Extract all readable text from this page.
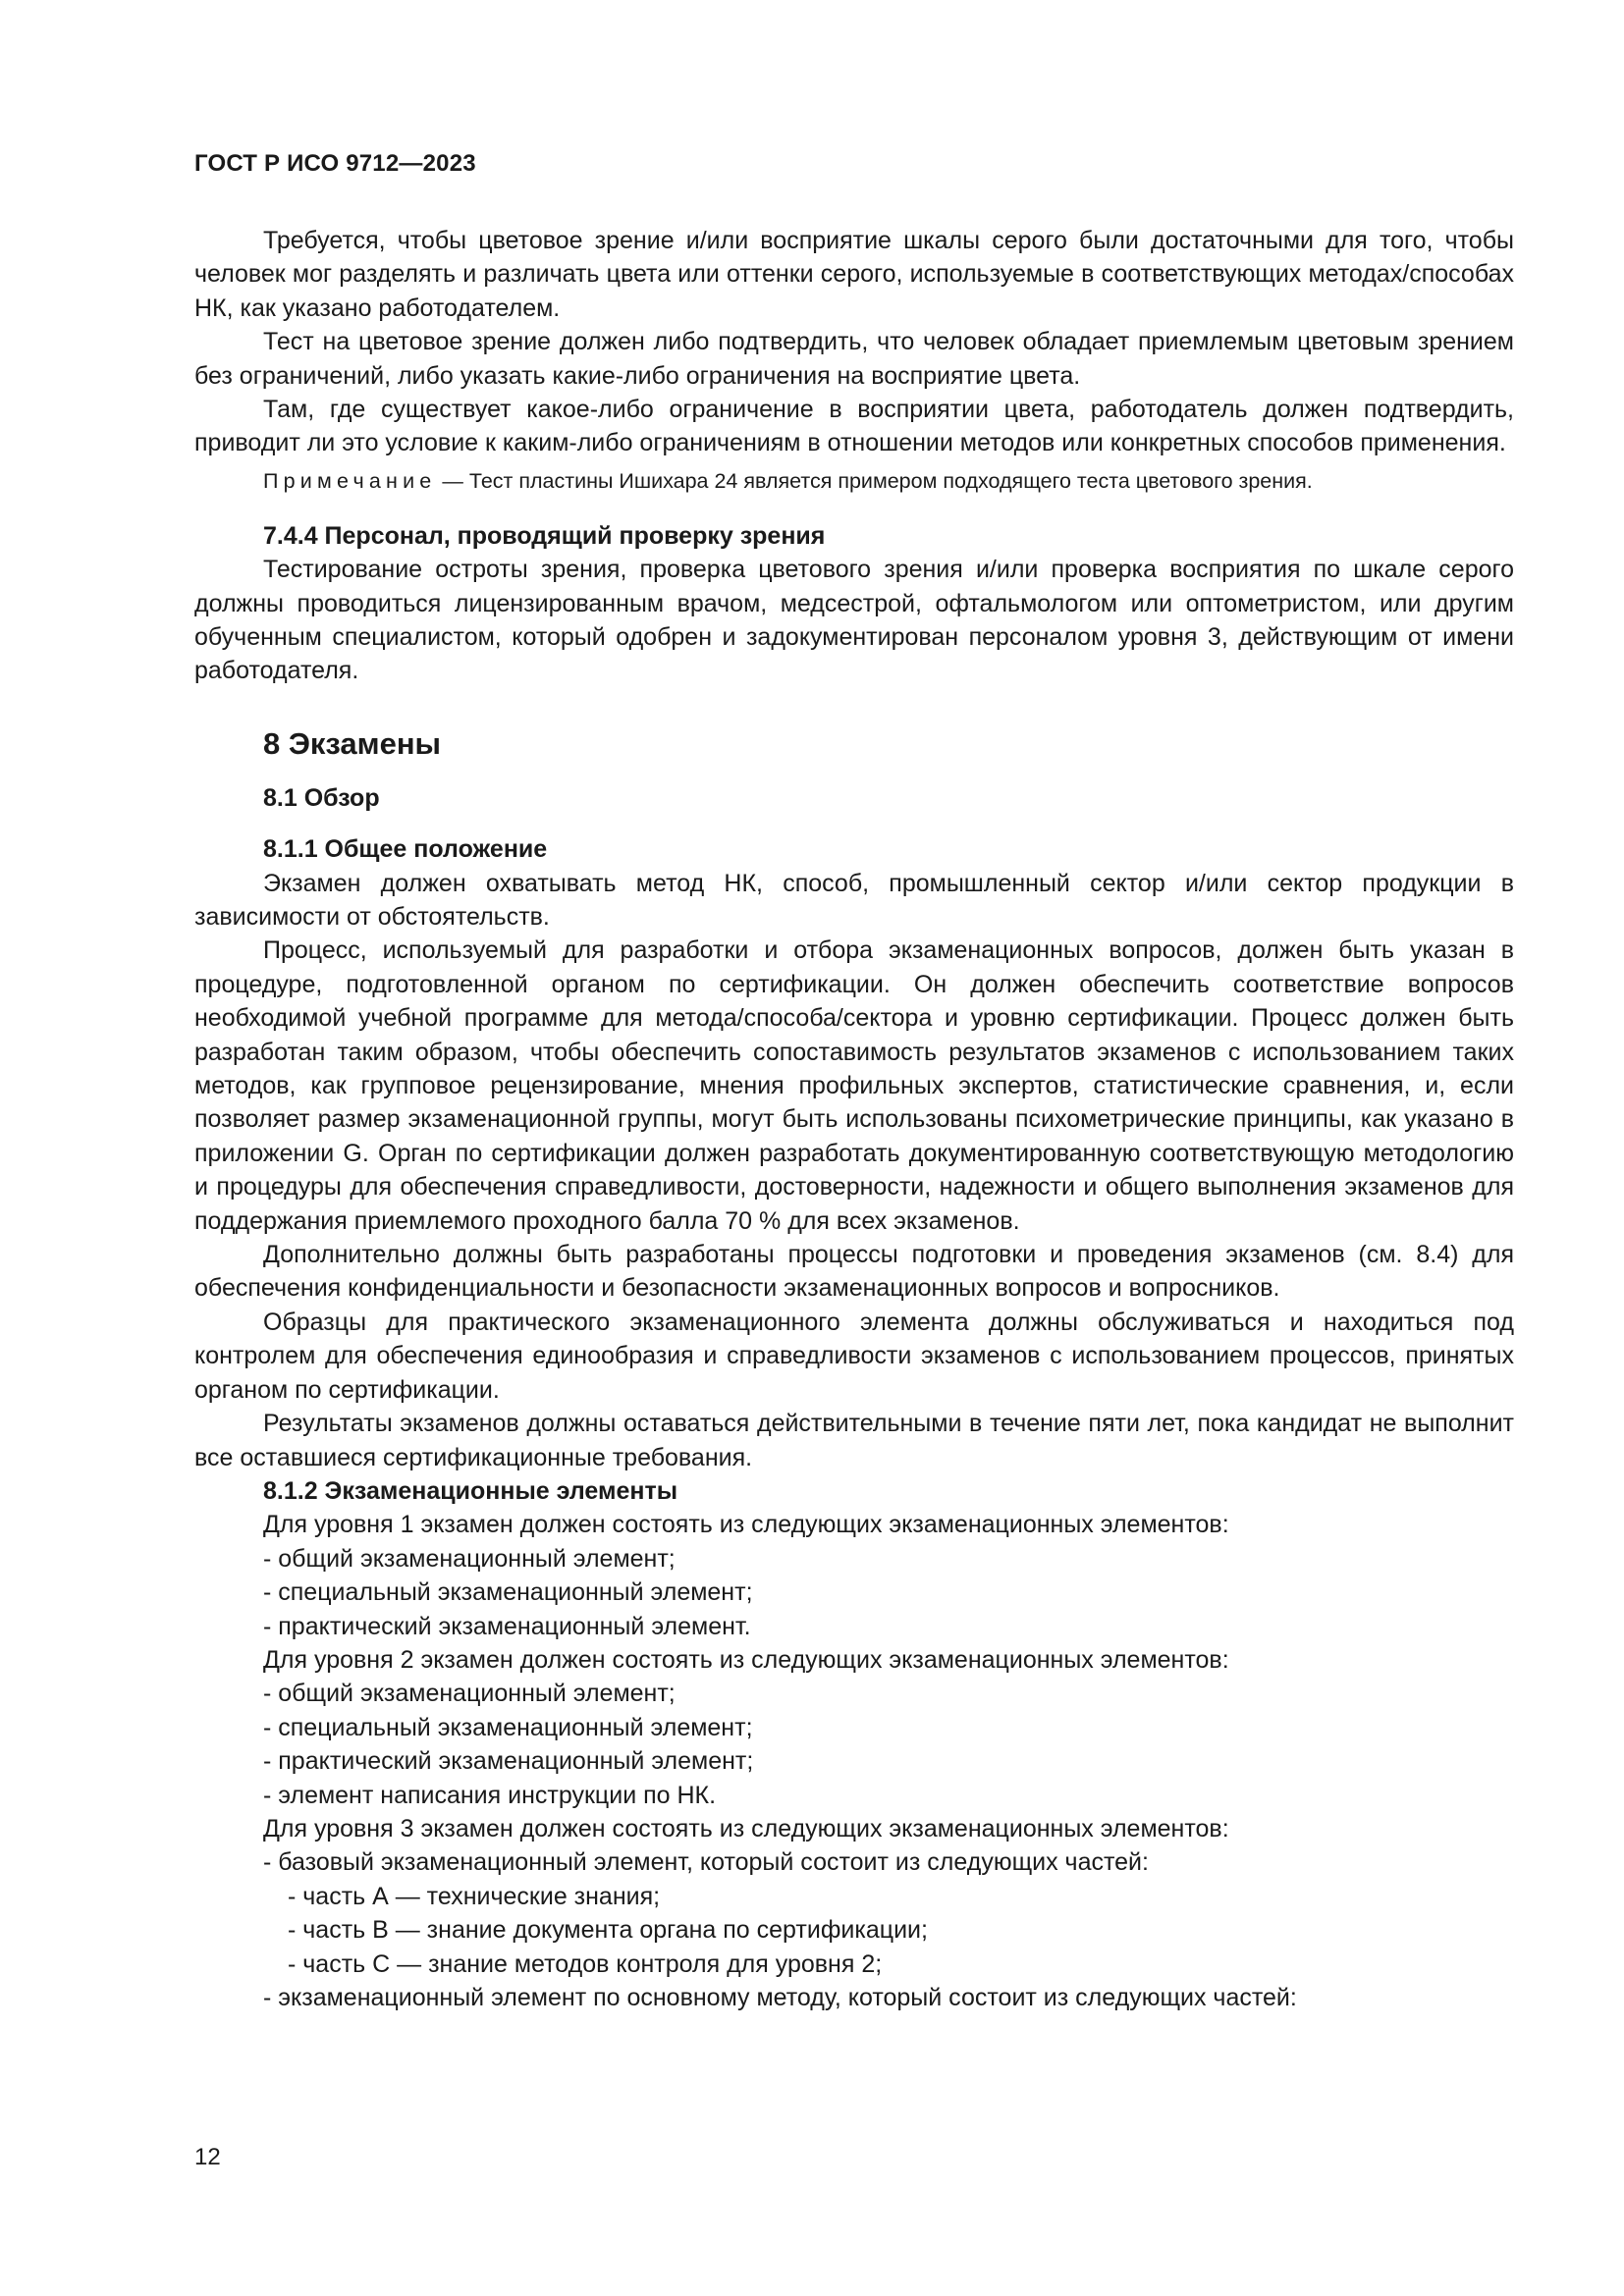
ГОСТ Р ИСО 9712—2023

Требуется, чтобы цветовое зрение и/или восприятие шкалы серого были достаточными для того, чтобы человек мог разделять и различать цвета или оттенки серого, используемые в соответствующих методах/способах НК, как указано работодателем.

Тест на цветовое зрение должен либо подтвердить, что человек обладает приемлемым цветовым зрением без ограничений, либо указать какие-либо ограничения на восприятие цвета.

Там, где существует какое-либо ограничение в восприятии цвета, работодатель должен подтвердить, приводит ли это условие к каким-либо ограничениям в отношении методов или конкретных способов применения.

Примечание — Тест пластины Ишихара 24 является примером подходящего теста цветового зрения.

7.4.4 Персонал, проводящий проверку зрения

Тестирование остроты зрения, проверка цветового зрения и/или проверка восприятия по шкале серого должны проводиться лицензированным врачом, медсестрой, офтальмологом или оптометристом, или другим обученным специалистом, который одобрен и задокументирован персоналом уровня 3, действующим от имени работодателя.

8 Экзамены
8.1 Обзор

8.1.1 Общее положение

Экзамен должен охватывать метод НК, способ, промышленный сектор и/или сектор продукции в зависимости от обстоятельств.

Процесс, используемый для разработки и отбора экзаменационных вопросов, должен быть указан в процедуре, подготовленной органом по сертификации. Он должен обеспечить соответствие вопросов необходимой учебной программе для метода/способа/сектора и уровню сертификации. Процесс должен быть разработан таким образом, чтобы обеспечить сопоставимость результатов экзаменов с использованием таких методов, как групповое рецензирование, мнения профильных экспертов, статистические сравнения, и, если позволяет размер экзаменационной группы, могут быть использованы психометрические принципы, как указано в приложении G. Орган по сертификации должен разработать документированную соответствующую методологию и процедуры для обеспечения справедливости, достоверности, надежности и общего выполнения экзаменов для поддержания приемлемого проходного балла 70 % для всех экзаменов.

Дополнительно должны быть разработаны процессы подготовки и проведения экзаменов (см. 8.4) для обеспечения конфиденциальности и безопасности экзаменационных вопросов и вопросников.

Образцы для практического экзаменационного элемента должны обслуживаться и находиться под контролем для обеспечения единообразия и справедливости экзаменов с использованием процессов, принятых органом по сертификации.

Результаты экзаменов должны оставаться действительными в течение пяти лет, пока кандидат не выполнит все оставшиеся сертификационные требования.

8.1.2 Экзаменационные элементы

Для уровня 1 экзамен должен состоять из следующих экзаменационных элементов:

- общий экзаменационный элемент;

- специальный экзаменационный элемент;

- практический экзаменационный элемент.

Для уровня 2 экзамен должен состоять из следующих экзаменационных элементов:

- общий экзаменационный элемент;

- специальный экзаменационный элемент;

- практический экзаменационный элемент;

- элемент написания инструкции по НК.

Для уровня 3 экзамен должен состоять из следующих экзаменационных элементов:

- базовый экзаменационный элемент, который состоит из следующих частей:

- часть А — технические знания;

- часть В — знание документа органа по сертификации;

- часть С — знание методов контроля для уровня 2;

- экзаменационный элемент по основному методу, который состоит из следующих частей:

12
